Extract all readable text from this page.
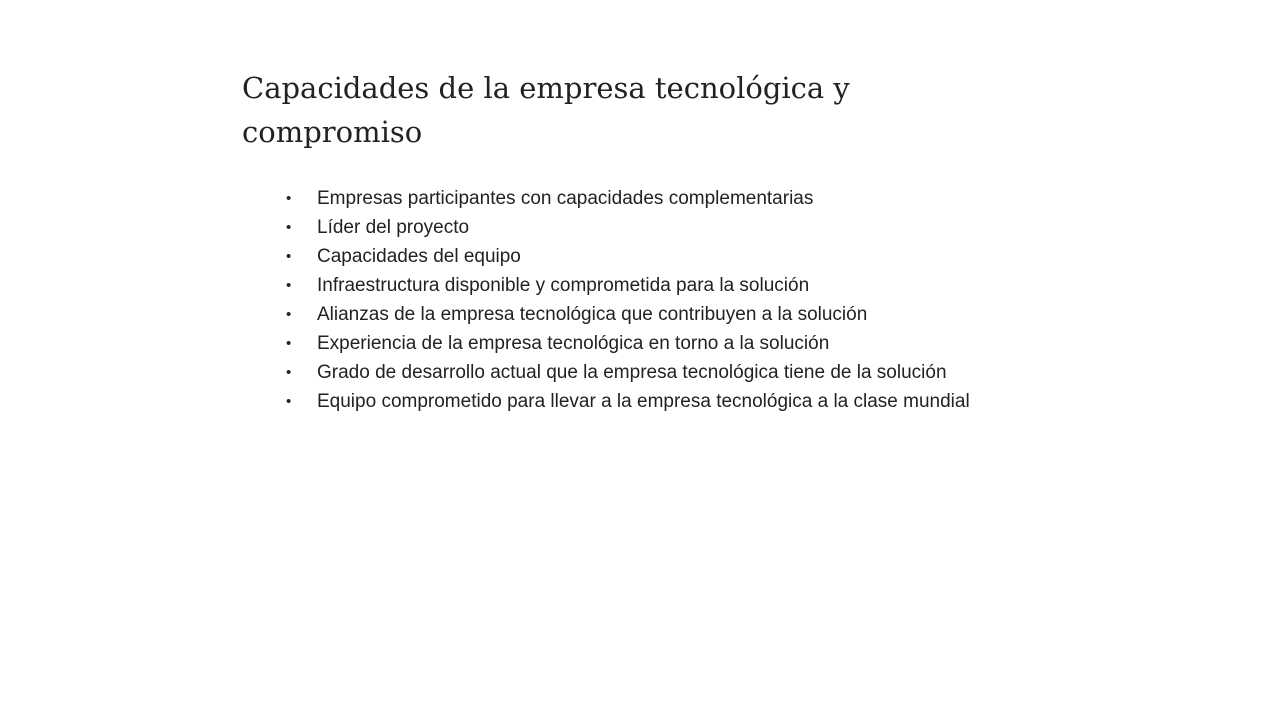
Capacidades de la empresa tecnológica y compromiso
•	Empresas participantes con capacidades complementarias
•	Líder del proyecto
•	Capacidades del equipo
•	Infraestructura disponible y comprometida para la solución
•	Alianzas de la empresa tecnológica que contribuyen a la solución
•	Experiencia de la empresa tecnológica en torno a la solución
•	Grado de desarrollo actual que la empresa tecnológica tiene de la solución
•	Equipo comprometido para llevar a la empresa tecnológica a la clase mundial
